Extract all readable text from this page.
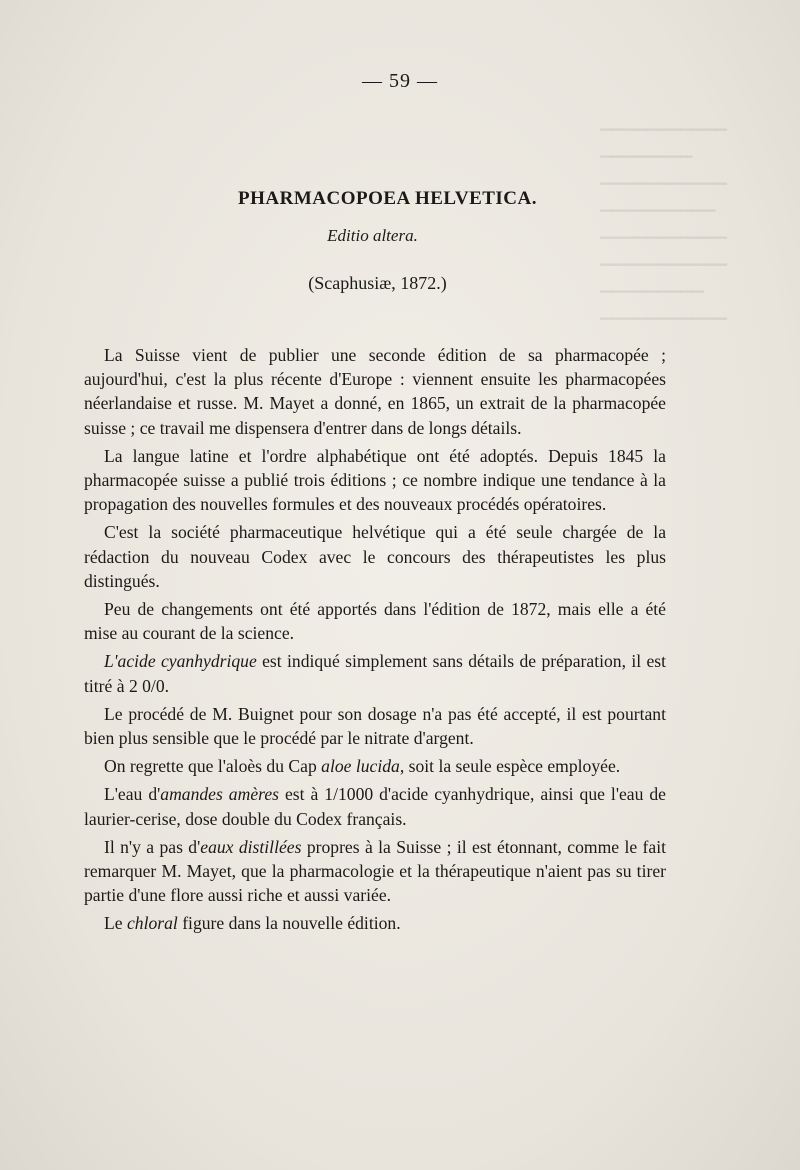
▁▁▁▁▁▁▁▁▁▁▁
▁▁▁▁▁▁▁▁
▁▁▁▁▁▁▁▁▁▁▁
▁▁▁▁▁▁▁▁▁▁
▁▁▁▁▁▁▁▁▁▁▁
▁▁▁▁▁▁▁▁▁▁▁
▁▁▁▁▁▁▁▁▁
▁▁▁▁▁▁▁▁▁▁▁
— 59 —
PHARMACOPOEA HELVETICA.
Editio altera.
(Scaphusiæ, 1872.)

La Suisse vient de publier une seconde édition de sa pharmacopée ; aujourd'hui, c'est la plus récente d'Europe : viennent ensuite les pharmacopées néerlandaise et russe. M. Mayet a donné, en 1865, un extrait de la pharmacopée suisse ; ce travail me dispensera d'entrer dans de longs détails.

La langue latine et l'ordre alphabétique ont été adoptés. Depuis 1845 la pharmacopée suisse a publié trois éditions ; ce nombre indique une tendance à la propagation des nouvelles formules et des nouveaux procédés opératoires.

C'est la société pharmaceutique helvétique qui a été seule chargée de la rédaction du nouveau Codex avec le concours des thérapeutistes les plus distingués.

Peu de changements ont été apportés dans l'édition de 1872, mais elle a été mise au courant de la science.

L'acide cyanhydrique est indiqué simplement sans détails de préparation, il est titré à 2 0/0.

Le procédé de M. Buignet pour son dosage n'a pas été accepté, il est pourtant bien plus sensible que le procédé par le nitrate d'argent.

On regrette que l'aloès du Cap aloe lucida, soit la seule espèce employée.

L'eau d'amandes amères est à 1/1000 d'acide cyanhydrique, ainsi que l'eau de laurier-cerise, dose double du Codex français.

Il n'y a pas d'eaux distillées propres à la Suisse ; il est étonnant, comme le fait remarquer M. Mayet, que la pharmacologie et la thérapeutique n'aient pas su tirer partie d'une flore aussi riche et aussi variée.

Le chloral figure dans la nouvelle édition.
